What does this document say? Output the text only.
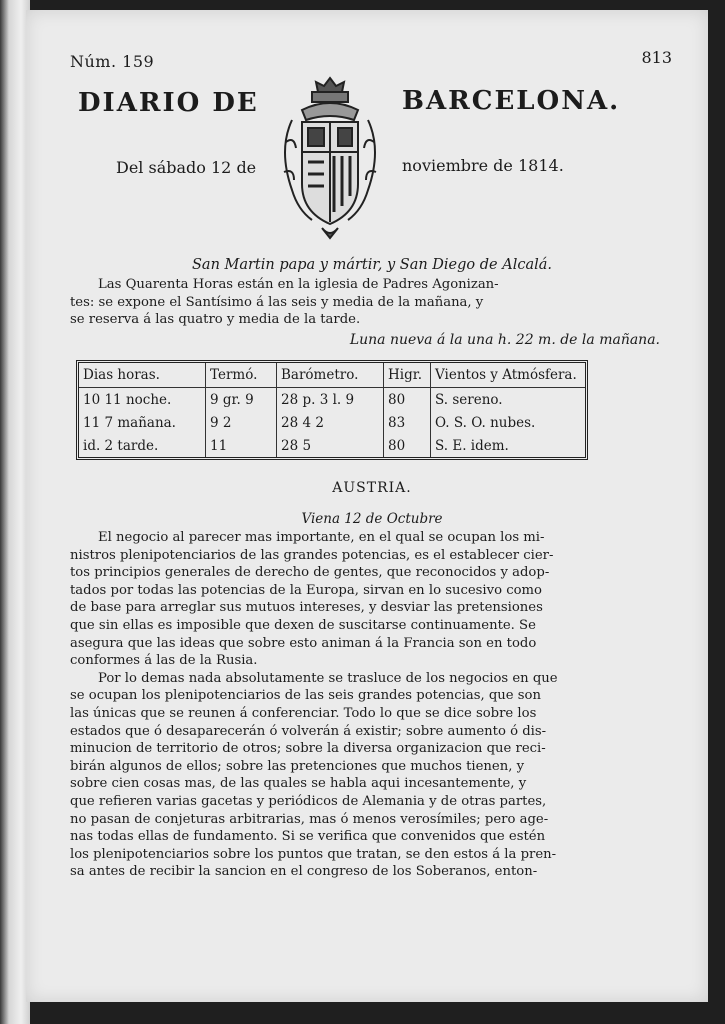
Núm. 159	813
DIARIO DE	BARCELONA.
Del sábado 12 de	noviembre de 1814.
San Martin papa y mártir, y San Diego de Alcalá.
Las Quarenta Horas están en la iglesia de Padres Agonizan-
tes: se expone el Santísimo á las seis y media de la mañana, y
se reserva á las quatro y media de la tarde.
Luna nueva á la una h. 22 m. de la mañana.
Dias horas.	Termó.	Barómetro.	Higr.	Vientos y Atmósfera.
10 11 noche.	9 gr. 9	28 p. 3 l. 9	80	S. sereno.
11 7 mañana.	9 2	28 4 2	83	O. S. O. nubes.
id. 2 tarde.	11	28 5	80	S. E. idem.
AUSTRIA.
Viena 12 de Octubre

El negocio al parecer mas importante, en el qual se ocupan los mi-
nistros plenipotenciarios de las grandes potencias, es el establecer cier-
tos principios generales de derecho de gentes, que reconocidos y adop-
tados por todas las potencias de la Europa, sirvan en lo sucesivo como
de base para arreglar sus mutuos intereses, y desviar las pretensiones
que sin ellas es imposible que dexen de suscitarse continuamente. Se
asegura que las ideas que sobre esto animan á la Francia son en todo
conformes á las de la Rusia.

Por lo demas nada absolutamente se trasluce de los negocios en que
se ocupan los plenipotenciarios de las seis grandes potencias, que son
las únicas que se reunen á conferenciar. Todo lo que se dice sobre los
estados que ó desaparecerán ó volverán á existir; sobre aumento ó dis-
minucion de territorio de otros; sobre la diversa organizacion que reci-
birán algunos de ellos; sobre las pretenciones que muchos tienen, y
sobre cien cosas mas, de las quales se habla aqui incesantemente, y
que refieren varias gacetas y periódicos de Alemania y de otras partes,
no pasan de conjeturas arbitrarias, mas ó menos verosímiles; pero age-
nas todas ellas de fundamento. Si se verifica que convenidos que estén
los plenipotenciarios sobre los puntos que tratan, se den estos á la pren-
sa antes de recibir la sancion en el congreso de los Soberanos, enton-
